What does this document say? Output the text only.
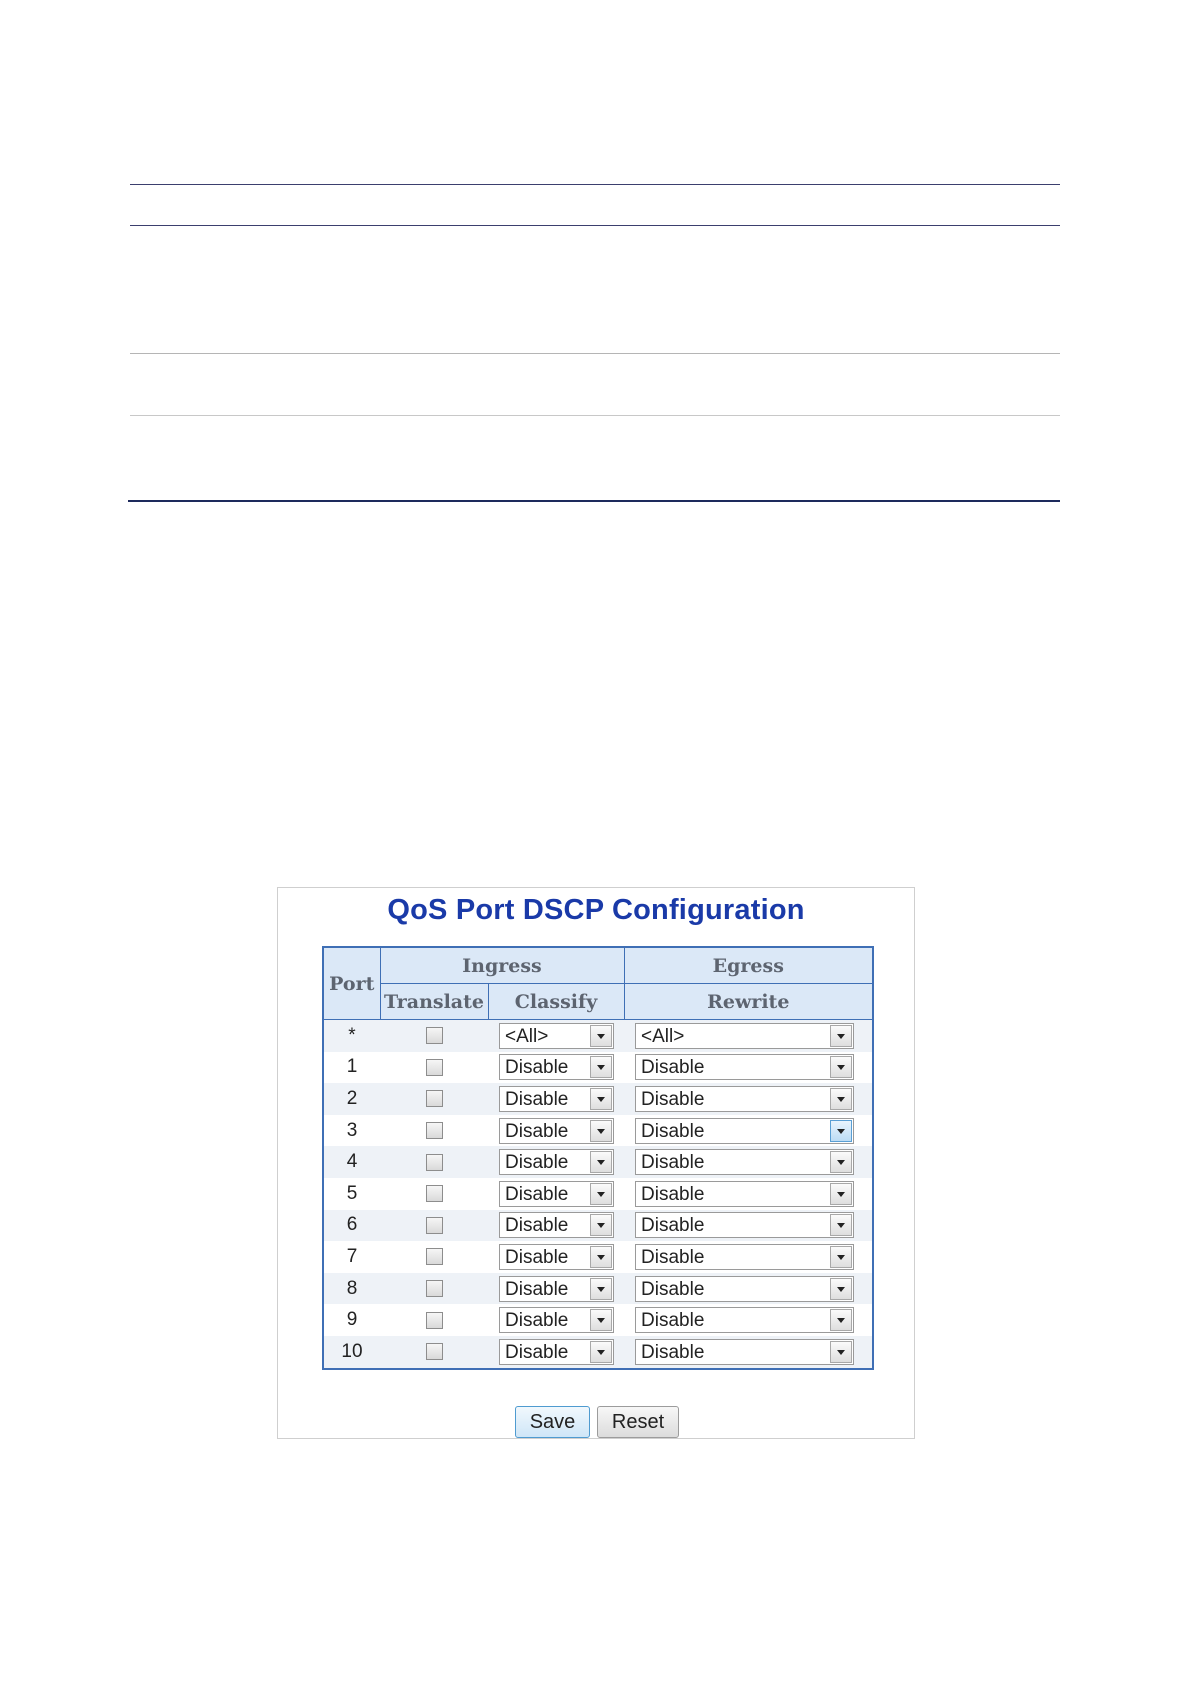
QoS Port DSCP Configuration
Port	Ingress		Egress
	Translate	Classify	Rewrite
*		<All>	<All>

1		Disable	Disable

2		Disable	Disable

3		Disable	Disable

4		Disable	Disable

5		Disable	Disable

6		Disable	Disable

7		Disable	Disable

8		Disable	Disable

9		Disable	Disable

10		Disable	Disable
Save	Reset
